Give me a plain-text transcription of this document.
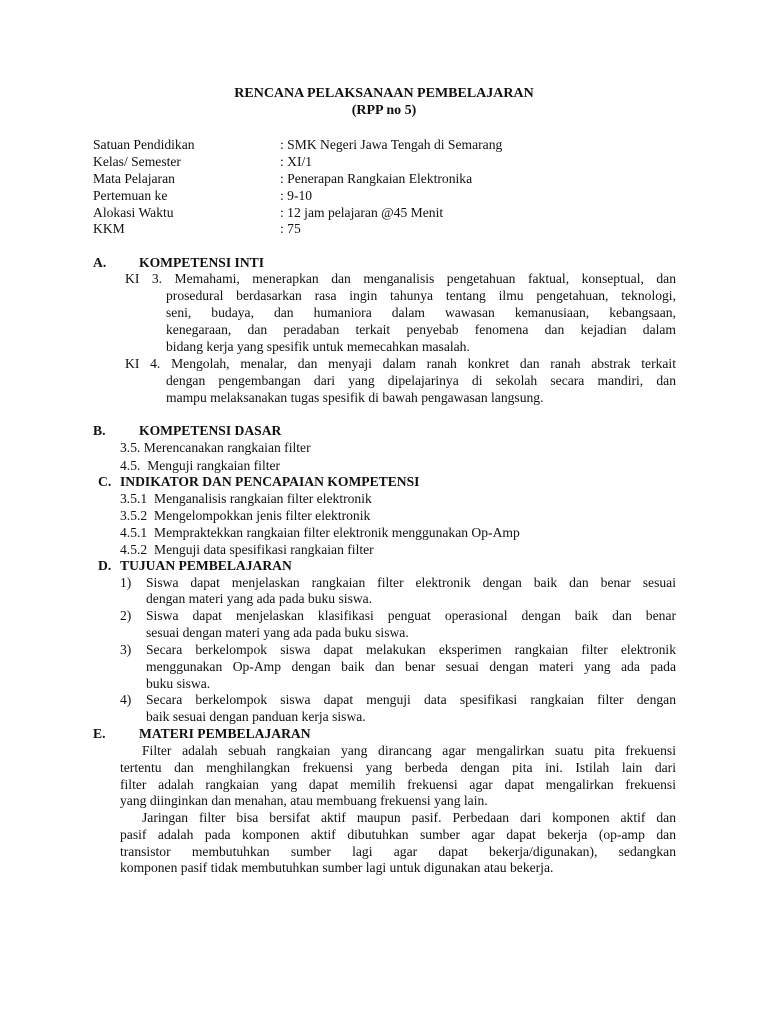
RENCANA PELAKSANAAN PEMBELAJARAN
(RPP no 5)
Satuan Pendidikan	: SMK Negeri Jawa Tengah di Semarang
Kelas/ Semester	: XI/1
Mata Pelajaran	: Penerapan Rangkaian Elektronika
Pertemuan ke	: 9-10
Alokasi Waktu	: 12 jam pelajaran @45 Menit
KKM	: 75
A. KOMPETENSI INTI
KI 3. Memahami, menerapkan dan menganalisis pengetahuan faktual, konseptual, dan
prosedural berdasarkan rasa ingin tahunya tentang ilmu pengetahuan, teknologi,
seni, budaya, dan humaniora dalam wawasan kemanusiaan, kebangsaan,
kenegaraan, dan peradaban terkait penyebab fenomena dan kejadian dalam
bidang kerja yang spesifik untuk memecahkan masalah.
KI 4. Mengolah, menalar, dan menyaji dalam ranah konkret dan ranah abstrak terkait
dengan pengembangan dari yang dipelajarinya di sekolah secara mandiri, dan
mampu melaksanakan tugas spesifik di bawah pengawasan langsung.
B. KOMPETENSI DASAR
3.5. Merencanakan rangkaian filter
4.5.  Menguji rangkaian filter
C. INDIKATOR DAN PENCAPAIAN KOMPETENSI
3.5.1  Menganalisis rangkaian filter elektronik
3.5.2  Mengelompokkan jenis filter elektronik
4.5.1  Mempraktekkan rangkaian filter elektronik menggunakan Op-Amp
4.5.2  Menguji data spesifikasi rangkaian filter
D. TUJUAN PEMBELAJARAN
1) Siswa dapat menjelaskan rangkaian filter elektronik dengan baik dan benar sesuai
dengan materi yang ada pada buku siswa.
2) Siswa dapat menjelaskan klasifikasi penguat operasional dengan baik dan benar
sesuai dengan materi yang ada pada buku siswa.
3) Secara berkelompok siswa dapat melakukan eksperimen rangkaian filter elektronik
menggunakan Op-Amp dengan baik dan benar sesuai dengan materi yang ada pada
buku siswa.
4) Secara berkelompok siswa dapat menguji data spesifikasi rangkaian filter dengan
baik sesuai dengan panduan kerja siswa.
E. MATERI PEMBELAJARAN
Filter adalah sebuah rangkaian yang dirancang agar mengalirkan suatu pita frekuensi
tertentu dan menghilangkan frekuensi yang berbeda dengan pita ini. Istilah lain dari
filter adalah rangkaian yang dapat memilih frekuensi agar dapat mengalirkan frekuensi
yang diinginkan dan menahan, atau membuang frekuensi yang lain.
Jaringan filter bisa bersifat aktif maupun pasif. Perbedaan dari komponen aktif dan
pasif adalah pada komponen aktif dibutuhkan sumber agar dapat bekerja (op-amp dan
transistor membutuhkan sumber lagi agar dapat bekerja/digunakan), sedangkan
komponen pasif tidak membutuhkan sumber lagi untuk digunakan atau bekerja.
